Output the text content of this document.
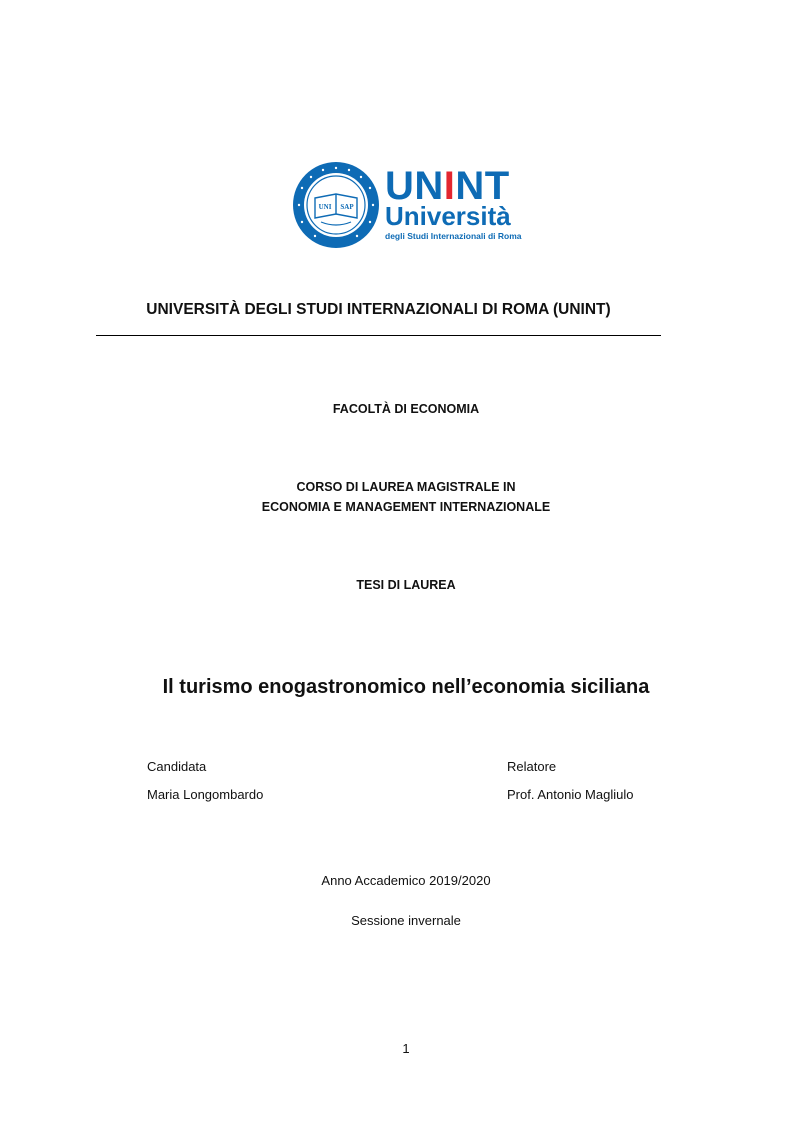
UNI SAP UNINT
Università
degli Studi Internazionali di Roma
UNIVERSITÀ DEGLI STUDI INTERNAZIONALI DI ROMA (UNINT)
FACOLTÀ DI ECONOMIA
CORSO DI LAUREA MAGISTRALE IN
ECONOMIA E MANAGEMENT INTERNAZIONALE
TESI DI LAUREA
Il turismo enogastronomico nell’economia siciliana
Candidata
Maria Longombardo
Relatore
Prof. Antonio Magliulo
Anno Accademico 2019/2020
Sessione invernale
1
